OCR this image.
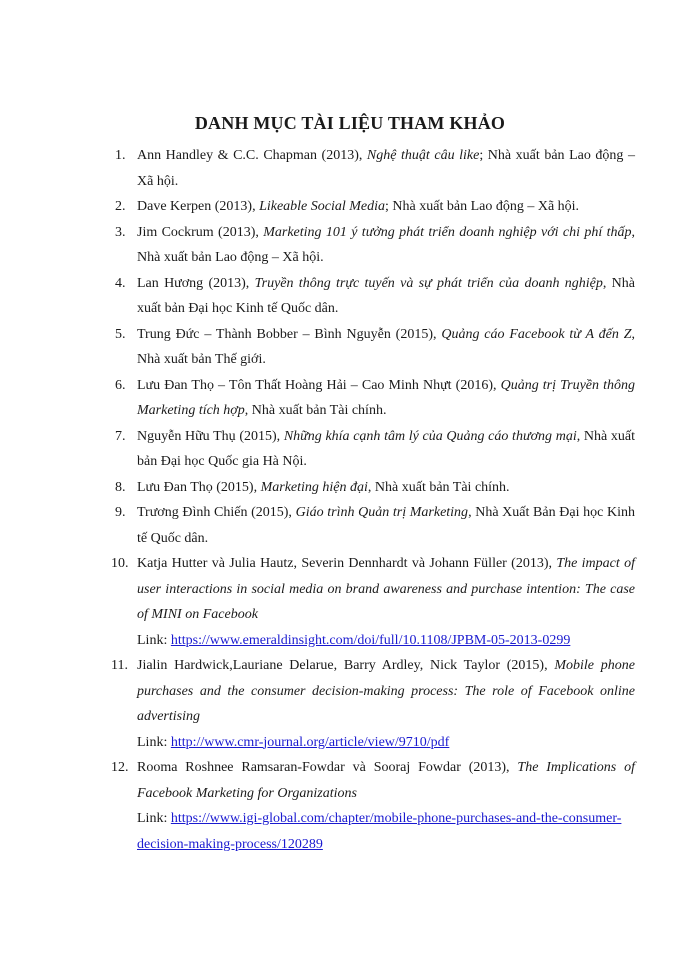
DANH MỤC TÀI LIỆU THAM KHẢO
1. Ann Handley & C.C. Chapman (2013), Nghệ thuật câu like; Nhà xuất bản Lao động – Xã hội.
2. Dave Kerpen (2013), Likeable Social Media; Nhà xuất bản Lao động – Xã hội.
3. Jim Cockrum (2013), Marketing 101 ý tưởng phát triển doanh nghiệp với chi phí thấp, Nhà xuất bản Lao động – Xã hội.
4. Lan Hương (2013), Truyền thông trực tuyến và sự phát triển của doanh nghiệp, Nhà xuất bản Đại học Kinh tế Quốc dân.
5. Trung Đức – Thành Bobber – Bình Nguyễn (2015), Quảng cáo Facebook từ A đến Z, Nhà xuất bản Thế giới.
6. Lưu Đan Thọ – Tôn Thất Hoàng Hải – Cao Minh Nhựt (2016), Quảng trị Truyền thông Marketing tích hợp, Nhà xuất bản Tài chính.
7. Nguyễn Hữu Thụ (2015), Những khía cạnh tâm lý của Quảng cáo thương mại, Nhà xuất bản Đại học Quốc gia Hà Nội.
8. Lưu Đan Thọ (2015), Marketing hiện đại, Nhà xuất bản Tài chính.
9. Trương Đình Chiến (2015), Giáo trình Quản trị Marketing, Nhà Xuất Bản Đại học Kinh tế Quốc dân.
10. Katja Hutter và Julia Hautz, Severin Dennhardt và Johann Füller (2013), The impact of user interactions in social media on brand awareness and purchase intention: The case of MINI on Facebook
Link: https://www.emeraldinsight.com/doi/full/10.1108/JPBM-05-2013-0299
11. Jialin Hardwick,Lauriane Delarue, Barry Ardley, Nick Taylor (2015), Mobile phone purchases and the consumer decision-making process: The role of Facebook online advertising
Link: http://www.cmr-journal.org/article/view/9710/pdf
12. Rooma Roshnee Ramsaran-Fowdar và Sooraj Fowdar (2013), The Implications of Facebook Marketing for Organizations
Link: https://www.igi-global.com/chapter/mobile-phone-purchases-and-the-consumer-decision-making-process/120289
